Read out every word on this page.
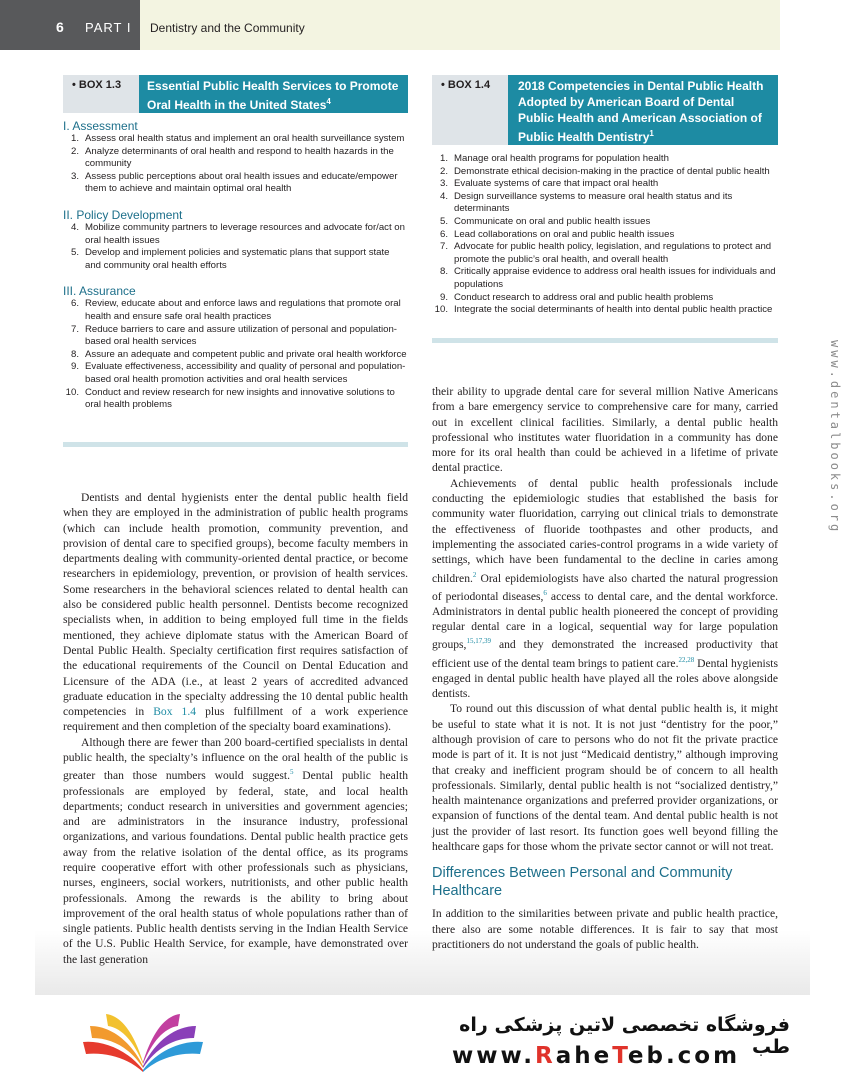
6 PART I Dentistry and the Community
• BOX 1.3 Essential Public Health Services to Promote Oral Health in the United States$^4$

I. Assessment

1. Assess oral health status and implement an oral health surveillance system

2. Analyze determinants of oral health and respond to health hazards in the community

3. Assess public perceptions about oral health issues and educate/empower them to achieve and maintain optimal oral health

II. Policy Development

4. Mobilize community partners to leverage resources and advocate for/act on oral health issues

5. Develop and implement policies and systematic plans that support state and community oral health efforts

III. Assurance

6. Review, educate about and enforce laws and regulations that promote oral health and ensure safe oral health practices

7. Reduce barriers to care and assure utilization of personal and population-based oral health services

8. Assure an adequate and competent public and private oral health workforce

9. Evaluate effectiveness, accessibility and quality of personal and population-based oral health promotion activities and oral health services

10. Conduct and review research for new insights and innovative solutions to oral health problems

• BOX 1.4 2018 Competencies in Dental Public Health Adopted by American Board of Dental Public Health and American Association of Public Health Dentistry$^1$

1. Manage oral health programs for population health

2. Demonstrate ethical decision-making in the practice of dental public health

3. Evaluate systems of care that impact oral health

4. Design surveillance systems to measure oral health status and its determinants

5. Communicate on oral and public health issues

6. Lead collaborations on oral and public health issues

7. Advocate for public health policy, legislation, and regulations to protect and promote the public’s oral health, and overall health

8. Critically appraise evidence to address oral health issues for individuals and populations

9. Conduct research to address oral and public health problems

10. Integrate the social determinants of health into dental public health practice

Dentists and dental hygienists enter the dental public health field when they are employed in the administration of public health programs (which can include health promotion, community prevention, and provision of dental care to specified groups), become faculty members in departments dealing with community-oriented dental practice, or become researchers in epidemiology, prevention, or provision of health services. Some researchers in the behavioral sciences related to dental health can also be considered public health personnel. Dentists become recognized specialists when, in addition to being employed full time in the fields mentioned, they achieve diplomate status with the American Board of Dental Public Health. Specialty certification first requires satisfaction of the educational requirements of the Council on Dental Education and Licensure of the ADA (i.e., at least 2 years of accredited advanced graduate education in the specialty addressing the 10 dental public health competencies in Box 1.4 plus fulfillment of a work experience requirement and then completion of the specialty board examinations).

Although there are fewer than 200 board-certified specialists in dental public health, the specialty’s influence on the oral health of the public is greater than those numbers would suggest.$^5$ Dental public health professionals are employed by federal, state, and local health departments; conduct research in universities and government agencies; and are administrators in the insurance industry, professional organizations, and various foundations. Dental public health practice gets away from the relative isolation of the dental office, as its programs require cooperative effort with other professionals such as physicians, nurses, engineers, social workers, nutritionists, and other public health professionals. Among the rewards is the ability to bring about improvement of the oral health status of whole populations rather than of single patients. Public health dentists serving in the Indian Health Service of the U.S. Public Health Service, for example, have demonstrated over the last generation

their ability to upgrade dental care for several million Native Americans from a bare emergency service to comprehensive care for many, carried out in excellent clinical facilities. Similarly, a dental public health professional who institutes water fluoridation in a community has done more for its oral health than could be achieved in a lifetime of private dental practice.

Achievements of dental public health professionals include conducting the epidemiologic studies that established the basis for community water fluoridation, carrying out clinical trials to demonstrate the effectiveness of fluoride toothpastes and other products, and implementing the associated caries-control programs in a wide variety of settings, which have been fundamental to the decline in caries among children.$^2$ Oral epidemiologists have also charted the natural progression of periodontal diseases,$^6$ access to dental care, and the dental workforce. Administrators in dental public health pioneered the concept of providing regular dental care in a logical, sequential way for large population groups,$^{15,17,39}$ and they demonstrated the increased productivity that efficient use of the dental team brings to patient care.$^{22,28}$ Dental hygienists engaged in dental public health have played all the roles above alongside dentists.

To round out this discussion of what dental public health is, it might be useful to state what it is not. It is not just “dentistry for the poor,” although provision of care to persons who do not fit the private practice mode is part of it. It is not just “Medicaid dentistry,” although improving that creaky and inefficient program should be of concern to all health professionals. Similarly, dental public health is not “socialized dentistry,” health maintenance organizations and preferred provider organizations, or expansion of functions of the dental team. And dental public health is not just the provider of last resort. Its function goes well beyond filling the healthcare gaps for those whom the private sector cannot or will not treat.

Differences Between Personal and Community Healthcare

In addition to the similarities between private and public health practice, there also are some notable differences. It is fair to say that most practitioners do not understand the goals of public health.

www.dentalbooks.org
فروشگاه تخصصی لاتین پزشکی راه طب
www.RaheTeb.com
